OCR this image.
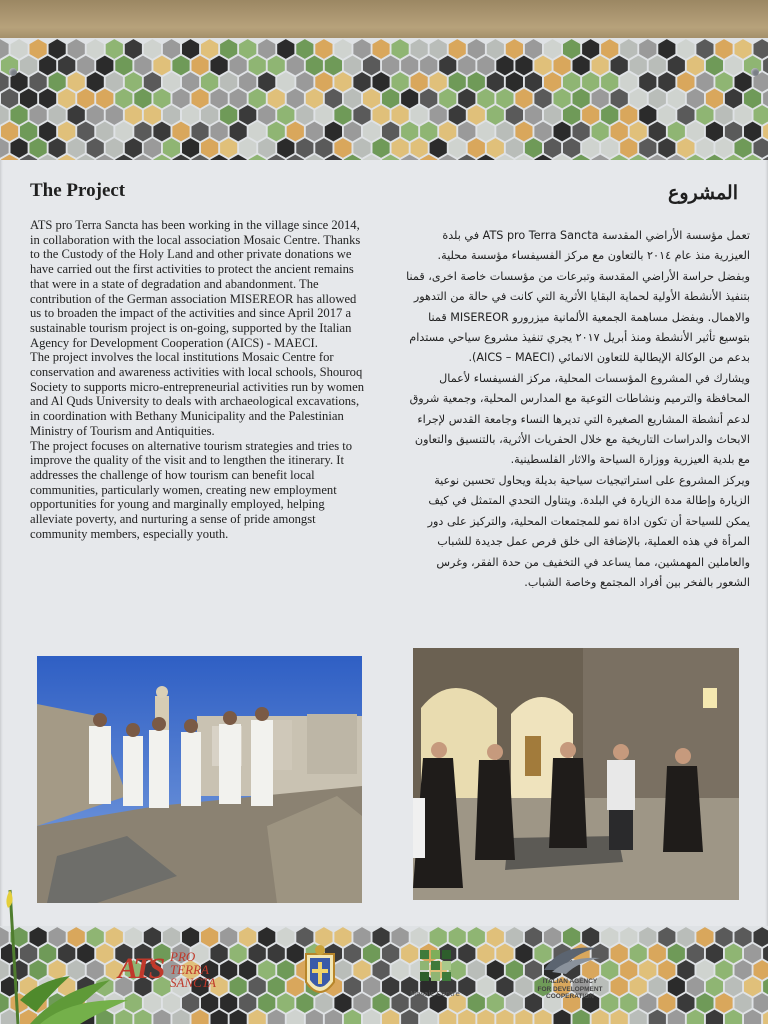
The Project	المشروع

ATS pro Terra Sancta has been working in the village since 2014, in collaboration with the local association Mosaic Centre. Thanks to the Custody of the Holy Land and other private donations we have carried out the first activities to protect the ancient remains that were in a state of degradation and abandonment. The contribution of the German association MISEREOR has allowed us to broaden the impact of the activities and since April 2017 a sustainable tourism project is on-going, supported by the Italian Agency for Development Cooperation (AICS) - MAECI.

The project involves the local institutions Mosaic Centre for conservation and awareness activities with local schools, Shouroq Society to supports micro-entrepreneurial activities run by women and Al Quds University to deals with archaeological excavations, in coordination with Bethany Municipality and the Palestinian Ministry of Tourism and Antiquities.

The project focuses on alternative tourism strategies and tries to improve the quality of the visit and to lengthen the itinerary. It addresses the challenge of how tourism can benefit local communities, particularly women, creating new employment opportunities for young and marginally employed, helping alleviate poverty, and nurturing a sense of pride amongst community members, especially youth.

تعمل مؤسسة الأراضي المقدسة ATS pro Terra Sancta في بلدة العيزرية منذ عام ٢٠١٤ بالتعاون مع مركز الفسيفساء مؤسسة محلية. وبفضل حراسة الأراضي المقدسة وتبرعات من مؤسسات خاصة اخرى، قمنا بتنفيذ الأنشطة الأولية لحماية البقايا الأثرية التي كانت في حالة من التدهور والاهمال. وبفضل مساهمة الجمعية الألمانية ميزرورو MISEREOR قمنا بتوسيع تأثير الأنشطة ومنذ أبريل ٢٠١٧ يجري تنفيذ مشروع سياحي مستدام بدعم من الوكالة الإيطالية للتعاون الانمائي (AICS – MAECI).

ويشارك في المشروع المؤسسات المحلية، مركز الفسيفساء لأعمال المحافظة والترميم ونشاطات التوعية مع المدارس المحلية، وجمعية شروق لدعم أنشطة المشاريع الصغيرة التي تديرها النساء وجامعة القدس لإجراء الابحاث والدراسات التاريخية مع خلال الحفريات الأثرية، بالتنسيق والتعاون مع بلدية العيزرية ووزارة السياحة والاثار الفلسطينية.

ويركز المشروع على استراتيجيات سياحية بديلة ويحاول تحسين نوعية الزيارة وإطالة مدة الزيارة في البلدة. ويتناول التحدي المتمثل في كيف يمكن للسياحة أن تكون اداة نمو للمجتمعات المحلية، والتركيز على دور المرأة في هذه العملية، بالإضافة الى خلق فرص عمل جديدة للشباب والعاملين المهمشين، مما يساعد في التخفيف من حدة الفقر، وغرس الشعور بالفخر بين أفراد المجتمع وخاصة الشباب.

ATS PRO
TERRA
SANCTA
Mosaic Centre
ITALIAN AGENCY
FOR DEVELOPMENT
COOPERATION
